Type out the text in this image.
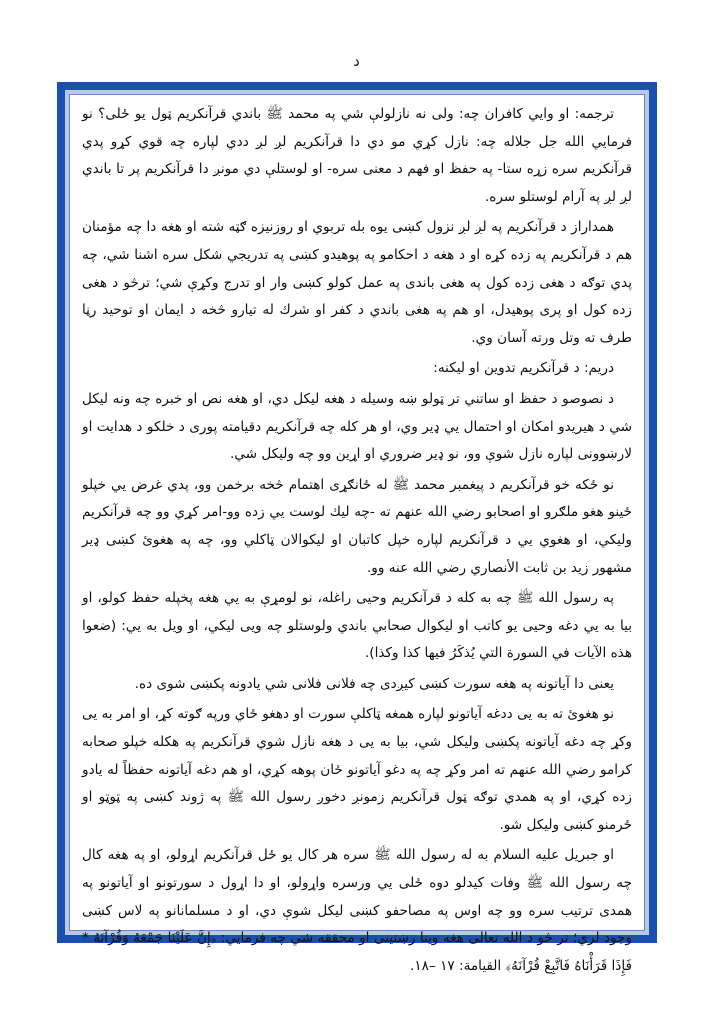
د

ترجمه: او وايي كافران چه: ولی نه نازلولې شي په محمد ﷺ باندي قرآنكريم ټول يو ځلی؟ نو فرمايي الله جل جلاله چه: نازل كړي مو دي دا قرآنكريم لږ لږ ددي لپاره چه قوي كړو پدي قرآنكريم سره زړه ستا- په حفظ او فهم د معنی سره- او لوستلې دي مونږ دا قرآنكريم پر تا باندي لږ لږ په آرام لوستلو سره.

همداراز د قرآنكريم په لږ لږ نزول كښی يوه بله تربوي او روزنيزه ګټه شته او هغه دا چه مؤمنان هم د قرآنكريم په زده كړه او د هغه د احكامو په پوهيدو كښی په تدريجي شكل سره اشنا شي، چه پدي توګه د هغی زده كول په هغی باندی په عمل كولو كښی وار او تدرج وكړې شي؛ ترڅو د هغی زده كول او پری پوهيدل، او هم په هغی باندي د كفر او شرك له تيارو څخه د ايمان او توحيد رڼا طرف ته وتل ورته آسان وي.

دريم: د قرآنكريم تدوين او ليكنه:

د نصوصو د حفظ او ساتني تر ټولو ښه وسيله د هغه ليكل دي، او هغه نص او خبره چه ونه ليكل شي د هيريدو امكان او احتمال يي ډير وي، او هر كله چه قرآنكريم دقيامته پوری د خلكو د هدايت او لارښوونی لپاره نازل شوې وو، نو ډير ضروري او اړين وو چه وليكل شي.

نو ځكه خو قرآنكريم د پيغمبر محمد ﷺ له ځانګړی اهتمام څخه برخمن وو، پدي غرض يي خپلو ځينو هغو ملګرو او اصحابو رضي الله عنهم ته -چه ليك لوست يي زده وو-امر كړي وو چه قرآنكريم وليكي، او هغوي يي د قرآنكريم لپاره خپل كاتبان او ليكوالان ټاكلي وو، چه په هغوئ كښی ډير مشهور زيد بن ثابت الأنصاري رضي الله عنه وو.

په رسول الله ﷺ چه به كله د قرآنكريم وحيی راغله، نو لومړې به يي هغه پخپله حفظ كولو، او بيا به يي دغه وحيی يو كاتب او ليكوال صحابي باندي ولوستلو چه ويی ليكي، او ويل به يي: (ضعوا هذه الآيات في السورة التي يُذكَرُ فيها كذا وكذا).

يعنی دا آياتونه په هغه سورت كښی كيږدی چه فلانی فلانی شي يادونه پكښی شوی ده.

نو هغوئ ته به يی ددغه آياتونو لپاره همغه ټاكلې سورت او دهغو ځاي ورپه ګوته كړ، او امر به يی وكړ چه دغه آياتونه پكښی وليكل شي، بيا به يی د هغه نازل شوي قرآنكريم په هكله خپلو صحابه كرامو رضي الله عنهم ته امر وكړ چه په دغو آياتونو ځان پوهه كړي، او هم دغه آياتونه حفظاً له يادو زده كړي، او په همدي توګه ټول قرآنكريم زمونږ دخوږ رسول الله ﷺ په ژوند كښی په ټوټو او ځرمنو كښی وليكل شو.

او جبريل عليه السلام به له رسول الله ﷺ سره هر كال يو ځل قرآنكريم اړولو، او په هغه كال چه رسول الله ﷺ وفات كيدلو دوه ځلی يي ورسره واړولو، او دا اړول د سورتونو او آياتونو په همدی ترتيب سره وو چه اوس په مصاحفو كښی ليكل شوې دي، او د مسلمانانو په لاس كښی وجود لري؛ تر څو د الله تعالی هغه وينا رښتينی او محققه شي چه فرمايي: ﴿إِنَّ عَلَيْنَا جَمْعَهُ وَقُرْآنَهُ * فَإِذَا قَرَأْنَاهُ فَاتَّبِعْ قُرْآنَهُ﴾ القيامة: ١٧ –١٨.
